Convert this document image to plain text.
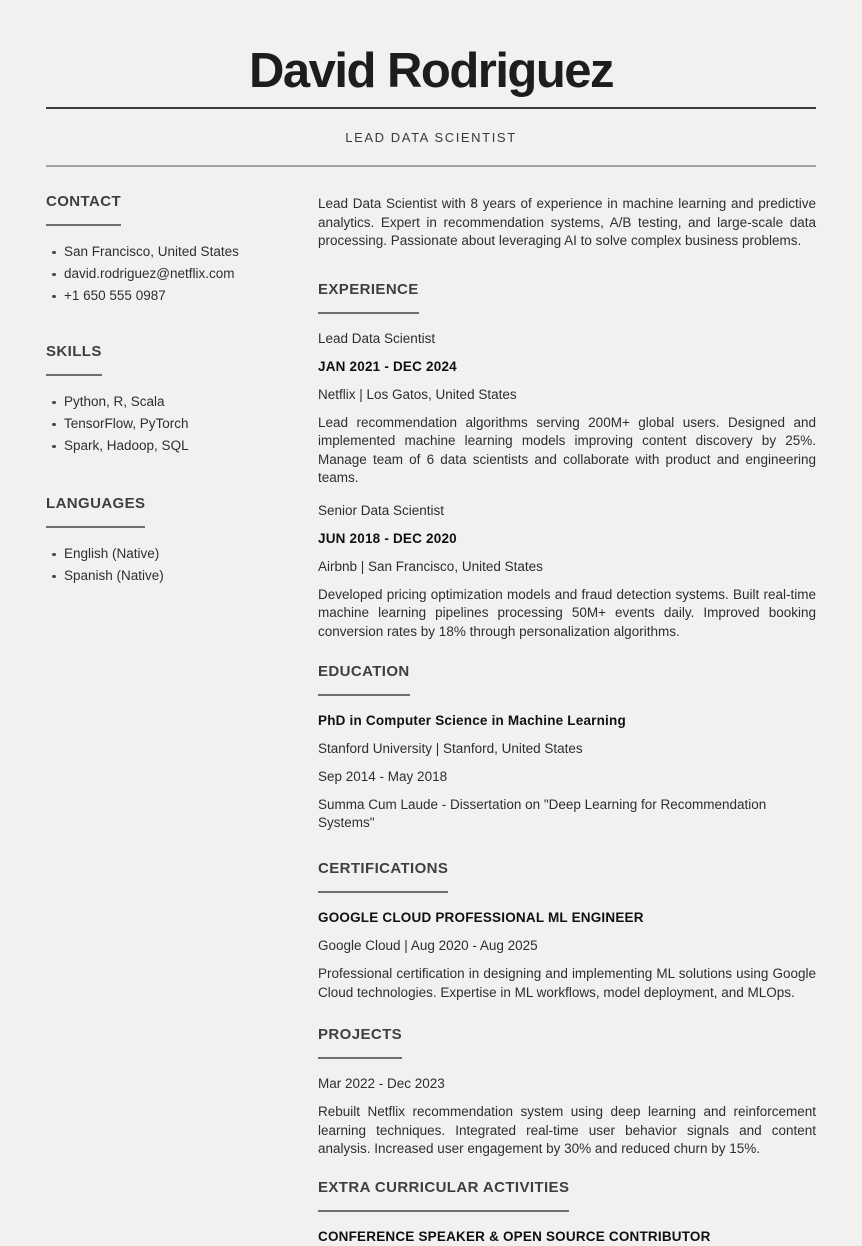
David Rodriguez
LEAD DATA SCIENTIST
CONTACT
San Francisco, United States
david.rodriguez@netflix.com
+1 650 555 0987
SKILLS
Python, R, Scala
TensorFlow, PyTorch
Spark, Hadoop, SQL
LANGUAGES
English (Native)
Spanish (Native)

Lead Data Scientist with 8 years of experience in machine learning and predictive analytics. Expert in recommendation systems, A/B testing, and large-scale data processing. Passionate about leveraging AI to solve complex business problems.

EXPERIENCE
Lead Data Scientist
JAN 2021 - DEC 2024
Netflix | Los Gatos, United States

Lead recommendation algorithms serving 200M+ global users. Designed and implemented machine learning models improving content discovery by 25%. Manage team of 6 data scientists and collaborate with product and engineering teams.

Senior Data Scientist
JUN 2018 - DEC 2020
Airbnb | San Francisco, United States

Developed pricing optimization models and fraud detection systems. Built real-time machine learning pipelines processing 50M+ events daily. Improved booking conversion rates by 18% through personalization algorithms.

EDUCATION
PhD in Computer Science in Machine Learning
Stanford University | Stanford, United States
Sep 2014 - May 2018
Summa Cum Laude - Dissertation on "Deep Learning for Recommendation Systems"
CERTIFICATIONS
GOOGLE CLOUD PROFESSIONAL ML ENGINEER
Google Cloud | Aug 2020 - Aug 2025

Professional certification in designing and implementing ML solutions using Google Cloud technologies. Expertise in ML workflows, model deployment, and MLOps.

PROJECTS
Mar 2022 - Dec 2023

Rebuilt Netflix recommendation system using deep learning and reinforcement learning techniques. Integrated real-time user behavior signals and content analysis. Increased user engagement by 30% and reduced churn by 15%.

EXTRA CURRICULAR ACTIVITIES
CONFERENCE SPEAKER & OPEN SOURCE CONTRIBUTOR
